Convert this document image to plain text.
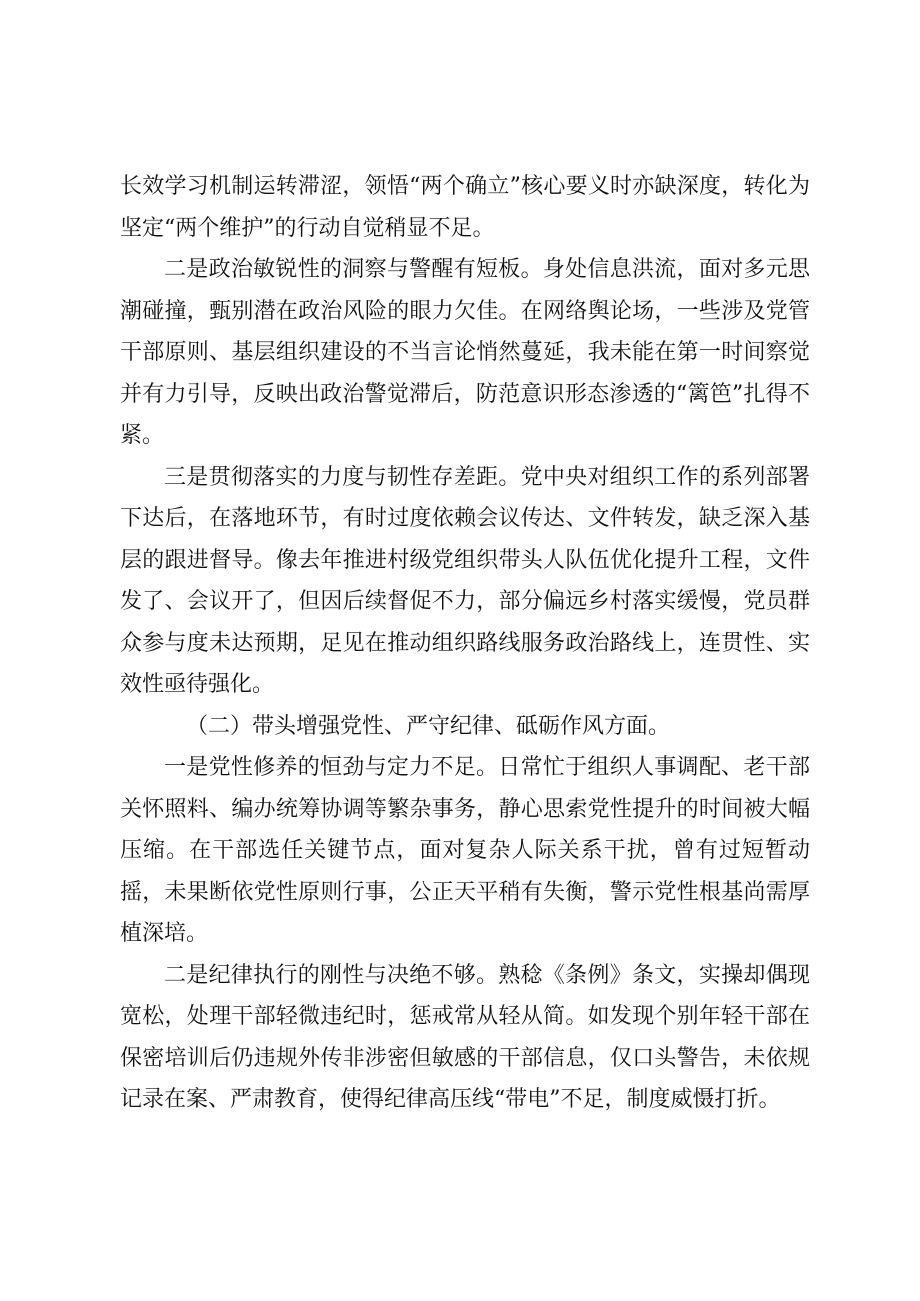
长效学习机制运转滞涩，领悟“两个确立”核心要义时亦缺深度，转化为坚定“两个维护”的行动自觉稍显不足。

二是政治敏锐性的洞察与警醒有短板。身处信息洪流，面对多元思潮碰撞，甄别潜在政治风险的眼力欠佳。在网络舆论场，一些涉及党管干部原则、基层组织建设的不当言论悄然蔓延，我未能在第一时间察觉并有力引导，反映出政治警觉滞后，防范意识形态渗透的“篱笆”扎得不紧。

三是贯彻落实的力度与韧性存差距。党中央对组织工作的系列部署下达后，在落地环节，有时过度依赖会议传达、文件转发，缺乏深入基层的跟进督导。像去年推进村级党组织带头人队伍优化提升工程，文件发了、会议开了，但因后续督促不力，部分偏远乡村落实缓慢，党员群众参与度未达预期，足见在推动组织路线服务政治路线上，连贯性、实效性亟待强化。

（二）带头增强党性、严守纪律、砥砺作风方面。

一是党性修养的恒劲与定力不足。日常忙于组织人事调配、老干部关怀照料、编办统筹协调等繁杂事务，静心思索党性提升的时间被大幅压缩。在干部选任关键节点，面对复杂人际关系干扰，曾有过短暂动摇，未果断依党性原则行事，公正天平稍有失衡，警示党性根基尚需厚植深培。

二是纪律执行的刚性与决绝不够。熟稔《条例》条文，实操却偶现宽松，处理干部轻微违纪时，惩戒常从轻从简。如发现个别年轻干部在保密培训后仍违规外传非涉密但敏感的干部信息，仅口头警告，未依规记录在案、严肃教育，使得纪律高压线“带电”不足，制度威慑打折。
